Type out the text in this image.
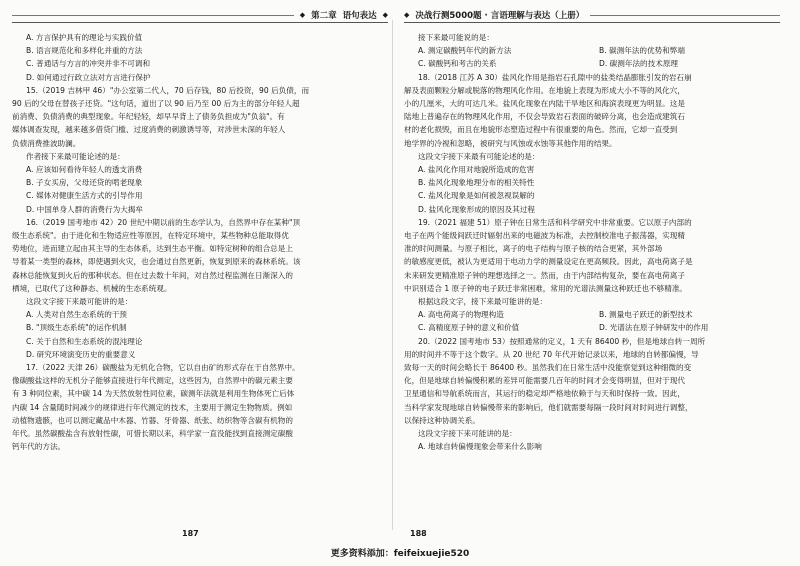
◆ 第二章 语句表达 ◆

A. 方言保护具有的理论与实践价值

B. 语言规范化和多样化并重的方法

C. 普通话与方言的冲突并非不可调和

D. 如何通过行政立法对方言进行保护

15.（2019 吉林甲 46）"办公室第二代人，70 后存钱，80 后投资，90 后负债，而

90 后的父母在替孩子还贷。"这句话，道出了以 90 后乃至 00 后为主的部分年轻人超

前消费、负债消费的典型现象。年纪轻轻，却早早背上了债务负担成为"负翁"。有

媒体调查发现，越来越多借贷门槛、过度消费的刺激诱导等，对涉世未深的年轻人

负债消费推波助澜。

作者接下来最可能论述的是：

A. 应该如何看待年轻人的透支消费

B. 子女买房，父母还贷的啃老现象

C. 媒体对健康生活方式的引导作用

D. 中国单身人群的消费行为大揭牟

16.（2019 国考地市 42）20 世纪中期以前的生态学认为，自然界中存在某种"顶

级生态系统"。由于进化和生物适应性等原因，在特定环境中，某些物种总能取得优

势地位，进而建立起由其主导的生态体系，达到生态平衡。如特定树种的组合总是上

导着某一类型的森林，即使遇到火灾，也会通过自然更新，恢复到原来的森林系统。该

森林总能恢复到火后的那种状态。但在过去数十年间，对自然过程监测在日渐深入的

栖境，已取代了这种静态、机械的生态系统观。

这段文字接下来最可能讲的是：

A. 人类对自然生态系统的干预

B. "顶级生态系统"的运作机制

C. 关于自然和生态系统的混沌理论

D. 研究环境演变历史的重要意义

17.（2022 天津 26）碳酸盐为无机化合物，它以自由矿的形式存在于自然界中。

像碳酸盐这样的无机分子能够直接进行年代测定，这些因为，自然界中的碳元素主要

有 3 种同位素，其中碳 14 为天然放射性同位素，碳测年法就是利用生物体死亡后体

内碳 14 含量随时间减少的规律进行年代测定的技术，主要用于测定生物物质。例如

动植物遗骸，也可以测定藏品中木器、竹器、牙骨器、纸张、纺织物等含碳有机物的

年代。虽然碳酸盐含有放射性碳，可惜长期以来，科学家一直没能找到直接测定碳酸

钙年代的方法。

187
◆ 决战行测5000题 · 言语理解与表达（上册）

接下来最可能说的是：

A. 测定碳酸钙年代的新方法	B. 碳测年法的优势和弊端

C. 碳酸钙和考古的关系	D. 碳测年法的技术原理

18.（2018 江苏 A 30）盐风化作用是指岩石孔隙中的盐类结晶膨胀引发的岩石崩

解及表面颗粒分解或脱落的物理风化作用。在地貌上表现为形成大小不等的风化穴，

小的几厘米，大的可达几米。盐风化现象在内陆干旱地区和海滨表现更为明显。这是

陆地上普遍存在的物理风化作用，不仅会导致岩石表面的破碎分离，也会造成建筑石

材的老化损毁，而且在地貌形态塑造过程中有很重要的角色。然而，它却一直受到

地学界的冷视和忽略，被研究与风蚀或水蚀等其他作用的结果。

这段文字接下来最有可能论述的是：

A. 盐风化作用对地貌所造成的危害

B. 盐风化现象地理分布的相关特性

C. 盐风化现象是如何被忽视误解的

D. 盐风化现象形成的原因及其过程

19.（2021 福建 51）原子钟在日常生活和科学研究中非常重要。它以原子内部的

电子在两个能级间跃迁时辐射出来的电磁波为标准，去控制校准电子振荡器，实现精

准的时间测量。与原子相比，离子的电子结构与原子核的结合更紧，其外部场

的敏感度更低，被认为更适用于电动力学的测量设定在更高频段。因此，高电荷离子是

未来研发更精准原子钟的理想选择之一。然而，由于内部结构复杂，要在高电荷离子

中识别适合 1 原子钟的电子跃迁非常困难，常用的光谱法测量这种跃迁也不够精准。

根据这段文字，接下来最可能讲的是：

A. 高电荷离子的物理构造	B. 测量电子跃迁的新型技术

C. 高精度原子钟的意义和价值	D. 光谱法在原子钟研发中的作用

20.（2022 国考地市 53）按照通常的定义，1 天有 86400 秒，但是地球自转一周所

用的时间并不等于这个数字。从 20 世纪 70 年代开始记录以来，地球的自转都偏慢，导

致每一天的时间会略长于 86400 秒。虽然我们在日常生活中没能察觉到这种细微的变

化，但是地球自转偏慢积累的差异可能需要几百年的时间才会变得明显，但对于现代

卫星通信和导航系统而言，其运行的稳定却严格地依赖于与天和时保持一致。因此，

当科学家发现地球自转偏慢带来的影响后，他们就需要每隔一段时间对时间进行调整，

以保持这种协调关系。

这段文字接下来可能讲的是：

A. 地球自转偏慢现象会带来什么影响

188
更多资料添加：feifeixuejie520
